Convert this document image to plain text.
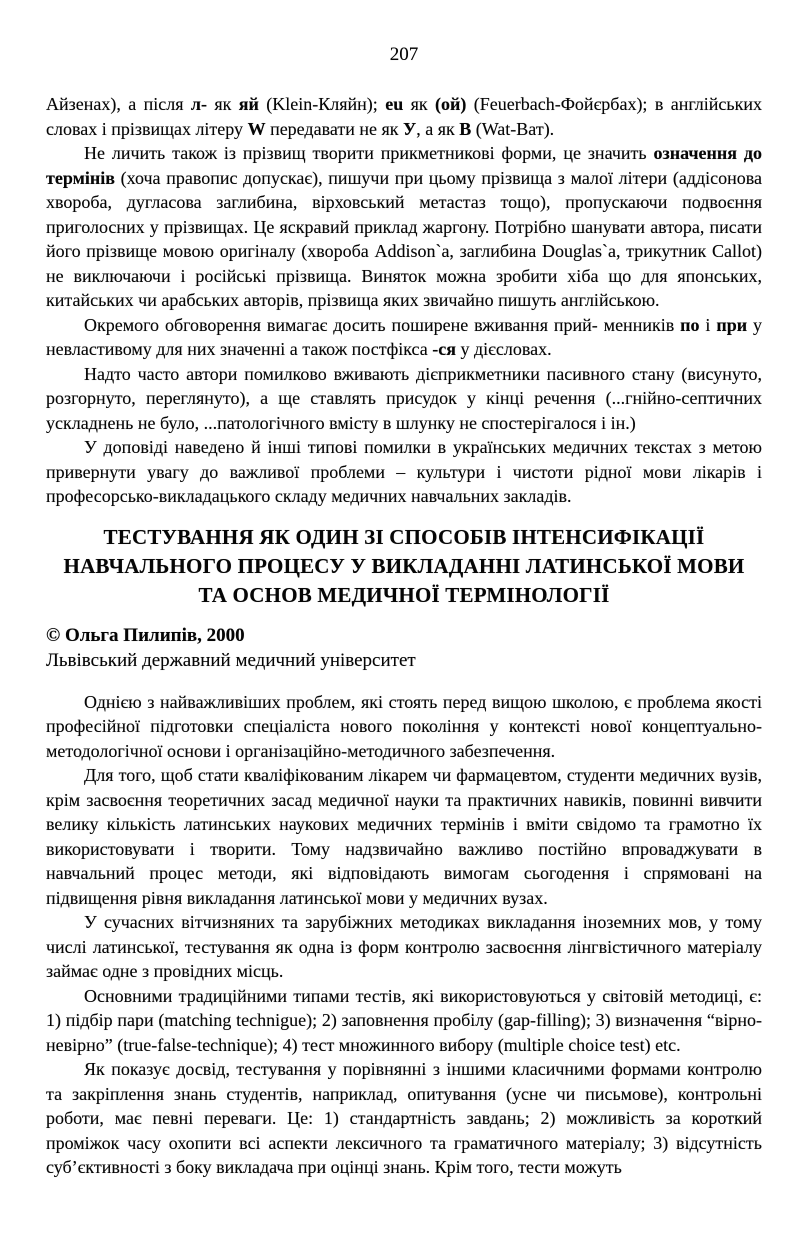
207

Айзенах), а після л- як яй (Klein-Кляйн); eu як (ой) (Feuerbach-Фойєрбах); в англійських словах і прізвищах літеру W передавати не як У, а як В (Wat-Ват).

Не личить також із прізвищ творити прикметникові форми, це значить означення до термінів (хоча правопис допускає), пишучи при цьому прізвища з малої літери (аддісонова хвороба, дугласова заглибина, вірховський метастаз тощо), пропускаючи подвоєння приголосних у прізвищах. Це яскравий приклад жаргону. Потрібно шанувати автора, писати його прізвище мовою оригіналу (хвороба Addison`а, заглибина Douglas`а, трикутник Callot) не виключаючи і російські прізвища. Виняток можна зробити хіба що для японських, китайських чи арабських авторів, прізвища яких звичайно пишуть англійською.

Окремого обговорення вимагає досить поширене вживання прий- менників по і при у невластивому для них значенні а також постфікса -ся у дієсловах.

Надто часто автори помилково вживають дієприкметники пасивного стану (висунуто, розгорнуто, переглянуто), а ще ставлять присудок у кінці речення (...гнійно-септичних ускладнень не було, ...патологічного вмісту в шлунку не спостерігалося і ін.)

У доповіді наведено й інші типові помилки в українських медичних текстах з метою привернути увагу до важливої проблеми – культури і чистоти рідної мови лікарів і професорсько-викладацького складу медичних навчальних закладів.

ТЕСТУВАННЯ ЯК ОДИН ЗІ СПОСОБІВ ІНТЕНСИФІКАЦІЇ НАВЧАЛЬНОГО ПРОЦЕСУ У ВИКЛАДАННІ ЛАТИНСЬКОЇ МОВИ ТА ОСНОВ МЕДИЧНОЇ ТЕРМІНОЛОГІЇ
© Ольга Пилипів, 2000
Львівський державний медичний університет

Однією з найважливіших проблем, які стоять перед вищою школою, є проблема якості професійної підготовки спеціаліста нового покоління у контексті нової концептуально-методологічної основи і організаційно-методичного забезпечення.

Для того, щоб стати кваліфікованим лікарем чи фармацевтом, студенти медичних вузів, крім засвоєння теоретичних засад медичної науки та практичних навиків, повинні вивчити велику кількість латинських наукових медичних термінів і вміти свідомо та грамотно їх використовувати і творити. Тому надзвичайно важливо постійно впроваджувати в навчальний процес методи, які відповідають вимогам сьогодення і спрямовані на підвищення рівня викладання латинської мови у медичних вузах.

У сучасних вітчизняних та зарубіжних методиках викладання іноземних мов, у тому числі латинської, тестування як одна із форм контролю засвоєння лінгвістичного матеріалу займає одне з провідних місць.

Основними традиційними типами тестів, які використовуються у світовій методиці, є: 1) підбір пари (matching technigue); 2) заповнення пробілу (gap-filling); 3) визначення “вірно-невірно” (true-false-technique); 4) тест множинного вибору (multiple choice test) etc.

Як показує досвід, тестування у порівнянні з іншими класичними формами контролю та закріплення знань студентів, наприклад, опитування (усне чи письмове), контрольні роботи, має певні переваги. Це: 1) стандартність завдань; 2) можливість за короткий проміжок часу охопити всі аспекти лексичного та граматичного матеріалу; 3) відсутність суб’єктивності з боку викладача при оцінці знань. Крім того, тести можуть
